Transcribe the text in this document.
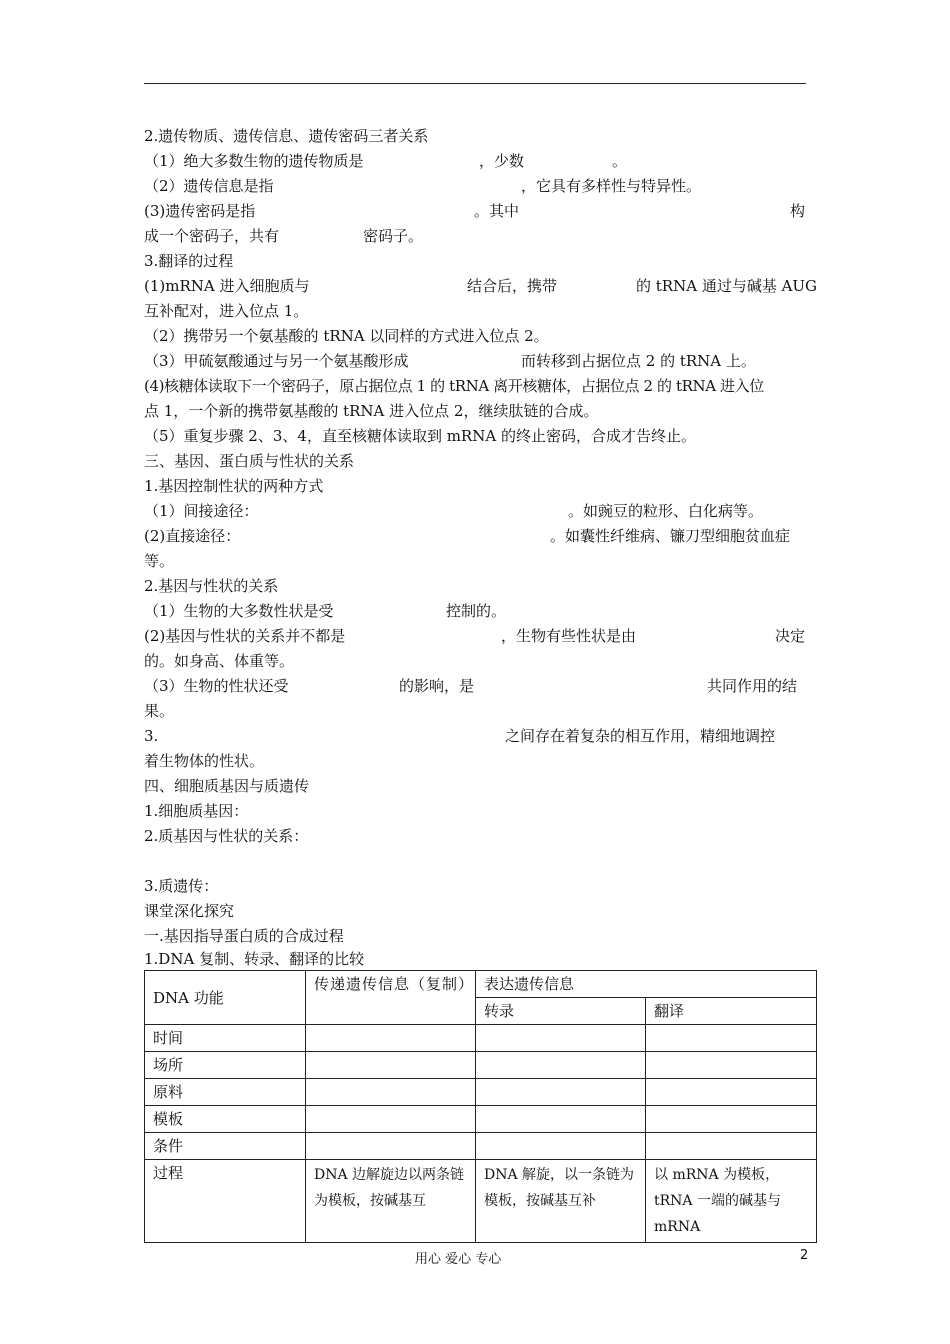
2.遗传物质、遗传信息、遗传密码三者关系
（1）绝大多数生物的遗传物质是	，少数	。
（2）遗传信息是指	，它具有多样性与特异性。
(3)遗传密码是指	。其中	构
成一个密码子，共有	密码子。
3.翻译的过程
(1)mRNA 进入细胞质与	结合后，携带	的 tRNA 通过与碱基 AUG
互补配对，进入位点 1。
（2）携带另一个氨基酸的 tRNA 以同样的方式进入位点 2。
（3）甲硫氨酸通过与另一个氨基酸形成	而转移到占据位点 2 的 tRNA 上。
(4)核糖体读取下一个密码子，原占据位点 1 的 tRNA 离开核糖体，占据位点 2 的 tRNA 进入位
点 1，一个新的携带氨基酸的 tRNA 进入位点 2，继续肽链的合成。
（5）重复步骤 2、3、4，直至核糖体读取到 mRNA 的终止密码，合成才告终止。
三、基因、蛋白质与性状的关系
1.基因控制性状的两种方式
（1）间接途径：	。如豌豆的粒形、白化病等。
(2)直接途径：	。如囊性纤维病、镰刀型细胞贫血症
等。
2.基因与性状的关系
（1）生物的大多数性状是受	控制的。
(2)基因与性状的关系并不都是	，生物有些性状是由	决定
的。如身高、体重等。
（3）生物的性状还受	的影响，是	共同作用的结
果。
3.	之间存在着复杂的相互作用，精细地调控
着生物体的性状。
四、细胞质基因与质遗传
1.细胞质基因：
2.质基因与性状的关系：
3.质遗传：
课堂深化探究
一.基因指导蛋白质的合成过程
1.DNA 复制、转录、翻译的比较
DNA 功能	传递遗传信息（复制）	表达遗传信息	
		转录	翻译
时间			
场所			
原料			
模板			
条件			
过程	DNA 边解旋边以两条链为模板，按碱基互	DNA 解旋，以一条链为模板，按碱基互补	以 mRNA 为模板，tRNA 一端的碱基与 mRNA
用心 爱心 专心	2
